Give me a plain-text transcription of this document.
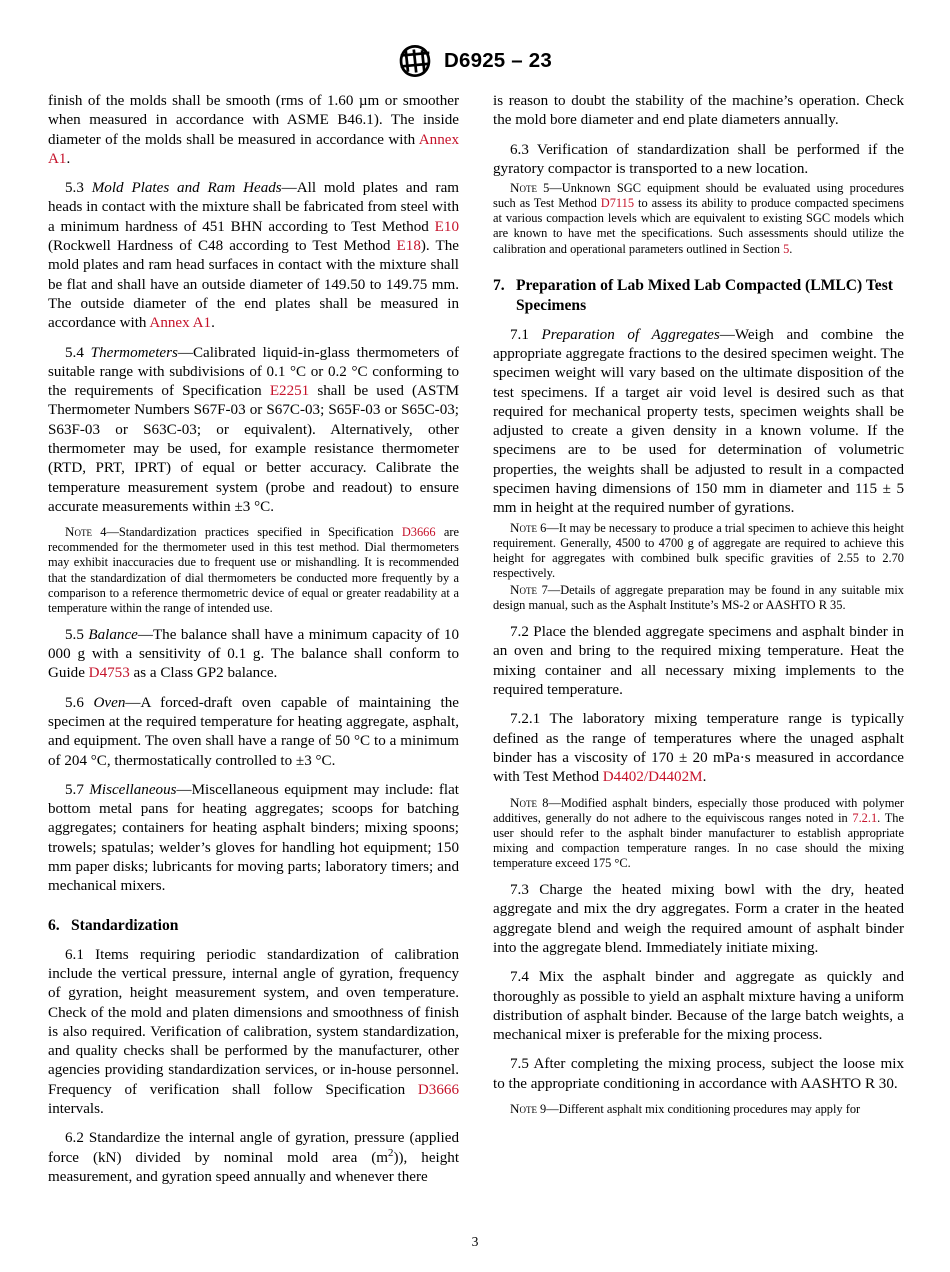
D6925 – 23

finish of the molds shall be smooth (rms of 1.60 µm or smoother when measured in accordance with ASME B46.1). The inside diameter of the molds shall be measured in accordance with Annex A1.

5.3 Mold Plates and Ram Heads—All mold plates and ram heads in contact with the mixture shall be fabricated from steel with a minimum hardness of 451 BHN according to Test Method E10 (Rockwell Hardness of C48 according to Test Method E18). The mold plates and ram head surfaces in contact with the mixture shall be flat and shall have an outside diameter of 149.50 to 149.75 mm. The outside diameter of the end plates shall be measured in accordance with Annex A1.

5.4 Thermometers—Calibrated liquid-in-glass thermometers of suitable range with subdivisions of 0.1 °C or 0.2 °C conforming to the requirements of Specification E2251 shall be used (ASTM Thermometer Numbers S67F-03 or S67C-03; S65F-03 or S65C-03; S63F-03 or S63C-03; or equivalent). Alternatively, other thermometer may be used, for example resistance thermometer (RTD, PRT, IPRT) of equal or better accuracy. Calibrate the temperature measurement system (probe and readout) to ensure accurate measurements within ±3 °C.

Note 4—Standardization practices specified in Specification D3666 are recommended for the thermometer used in this test method. Dial thermometers may exhibit inaccuracies due to frequent use or mishandling. It is recommended that the standardization of dial thermometers be conducted more frequently by a comparison to a reference thermometric device of equal or greater readability at a temperature within the range of intended use.

5.5 Balance—The balance shall have a minimum capacity of 10 000 g with a sensitivity of 0.1 g. The balance shall conform to Guide D4753 as a Class GP2 balance.

5.6 Oven—A forced-draft oven capable of maintaining the specimen at the required temperature for heating aggregate, asphalt, and equipment. The oven shall have a range of 50 °C to a minimum of 204 °C, thermostatically controlled to ±3 °C.

5.7 Miscellaneous—Miscellaneous equipment may include: flat bottom metal pans for heating aggregates; scoops for batching aggregates; containers for heating asphalt binders; mixing spoons; trowels; spatulas; welder’s gloves for handling hot equipment; 150 mm paper disks; lubricants for moving parts; laboratory timers; and mechanical mixers.

6. Standardization

6.1 Items requiring periodic standardization of calibration include the vertical pressure, internal angle of gyration, frequency of gyration, height measurement system, and oven temperature. Check of the mold and platen dimensions and smoothness of finish is also required. Verification of calibration, system standardization, and quality checks shall be performed by the manufacturer, other agencies providing standardization services, or in-house personnel. Frequency of verification shall follow Specification D3666 intervals.

6.2 Standardize the internal angle of gyration, pressure (applied force (kN) divided by nominal mold area $(m^2)$), height measurement, and gyration speed annually and whenever there

is reason to doubt the stability of the machine’s operation. Check the mold bore diameter and end plate diameters annually.

6.3 Verification of standardization shall be performed if the gyratory compactor is transported to a new location.

Note 5—Unknown SGC equipment should be evaluated using procedures such as Test Method D7115 to assess its ability to produce compacted specimens at various compaction levels which are equivalent to existing SGC models which are known to have met the specifications. Such assessments should utilize the calibration and operational parameters outlined in Section 5.

7. Preparation of Lab Mixed Lab Compacted (LMLC) Test Specimens

7.1 Preparation of Aggregates—Weigh and combine the appropriate aggregate fractions to the desired specimen weight. The specimen weight will vary based on the ultimate disposition of the test specimens. If a target air void level is desired such as that required for mechanical property tests, specimen weights shall be adjusted to create a given density in a known volume. If the specimens are to be used for determination of volumetric properties, the weights shall be adjusted to result in a compacted specimen having dimensions of 150 mm in diameter and 115 ± 5 mm in height at the required number of gyrations.

Note 6—It may be necessary to produce a trial specimen to achieve this height requirement. Generally, 4500 to 4700 g of aggregate are required to achieve this height for aggregates with combined bulk specific gravities of 2.55 to 2.70 respectively.

Note 7—Details of aggregate preparation may be found in any suitable mix design manual, such as the Asphalt Institute’s MS-2 or AASHTO R 35.

7.2 Place the blended aggregate specimens and asphalt binder in an oven and bring to the required mixing temperature. Heat the mixing container and all necessary mixing implements to the required temperature.

7.2.1 The laboratory mixing temperature range is typically defined as the range of temperatures where the unaged asphalt binder has a viscosity of 170 ± 20 mPa·s measured in accordance with Test Method D4402/D4402M.

Note 8—Modified asphalt binders, especially those produced with polymer additives, generally do not adhere to the equiviscous ranges noted in 7.2.1. The user should refer to the asphalt binder manufacturer to establish appropriate mixing and compaction temperature ranges. In no case should the mixing temperature exceed 175 °C.

7.3 Charge the heated mixing bowl with the dry, heated aggregate and mix the dry aggregates. Form a crater in the heated aggregate blend and weigh the required amount of asphalt binder into the aggregate blend. Immediately initiate mixing.

7.4 Mix the asphalt binder and aggregate as quickly and thoroughly as possible to yield an asphalt mixture having a uniform distribution of asphalt binder. Because of the large batch weights, a mechanical mixer is preferable for the mixing process.

7.5 After completing the mixing process, subject the loose mix to the appropriate conditioning in accordance with AASHTO R 30.

Note 9—Different asphalt mix conditioning procedures may apply for

3
